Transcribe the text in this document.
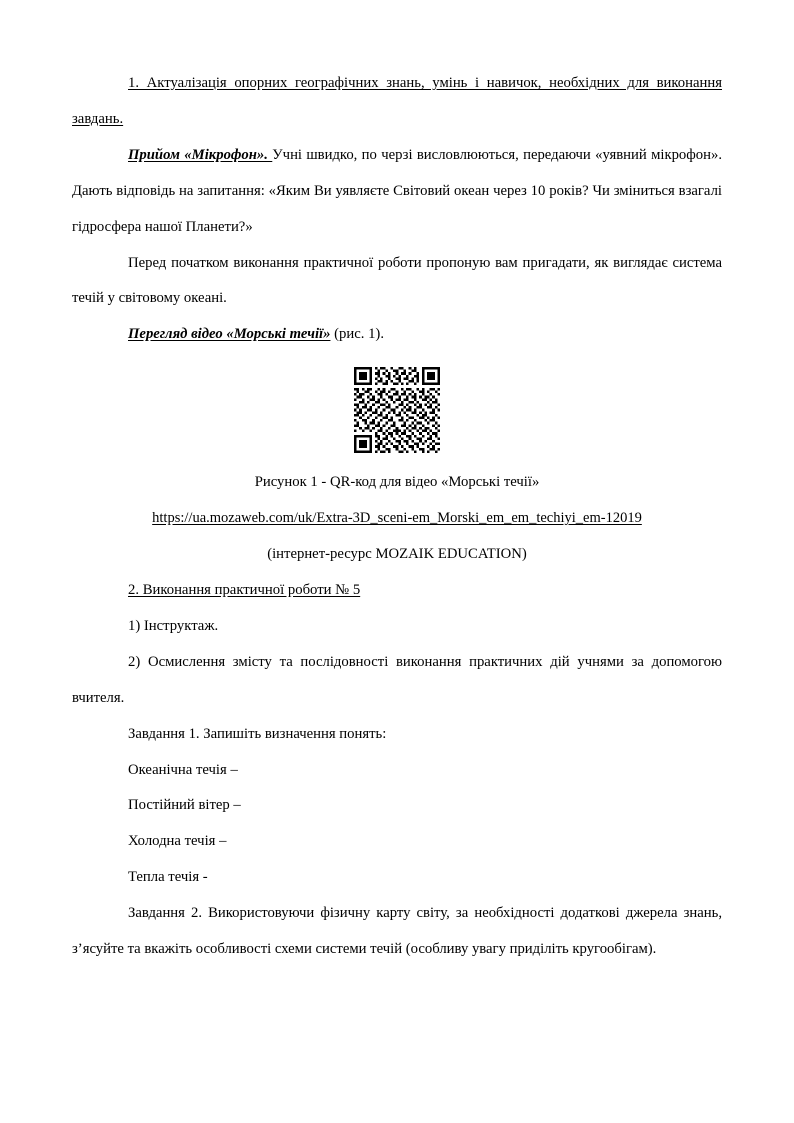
1. Актуалізація опорних географічних знань, умінь і навичок, необхідних для виконання завдань.

Прийом «Мікрофон». Учні швидко, по черзі висловлюються, передаючи «уявний мікрофон». Дають відповідь на запитання: «Яким Ви уявляєте Світовий океан через 10 років? Чи зміниться взагалі гідросфера нашої Планети?»

Перед початком виконання практичної роботи пропоную вам пригадати, як виглядає система течій у світовому океані.

Перегляд відео «Морські течії» (рис. 1).

Рисунок 1 - QR-код для відео «Морські течії»

https://ua.mozaweb.com/uk/Extra-3D_sceni-em_Morski_em_em_techiyi_em-12019

(інтернет-ресурс MOZAIK EDUCATION)

2. Виконання практичної роботи № 5

1) Інструктаж.

2) Осмислення змісту та послідовності виконання практичних дій учнями за допомогою вчителя.

Завдання 1. Запишіть визначення понять:

Океанічна течія –

Постійний вітер –

Холодна течія –

Тепла течія -

Завдання 2. Використовуючи фізичну карту світу, за необхідності додаткові джерела знань, з’ясуйте та вкажіть особливості схеми системи течій (особливу увагу приділіть кругообігам).
